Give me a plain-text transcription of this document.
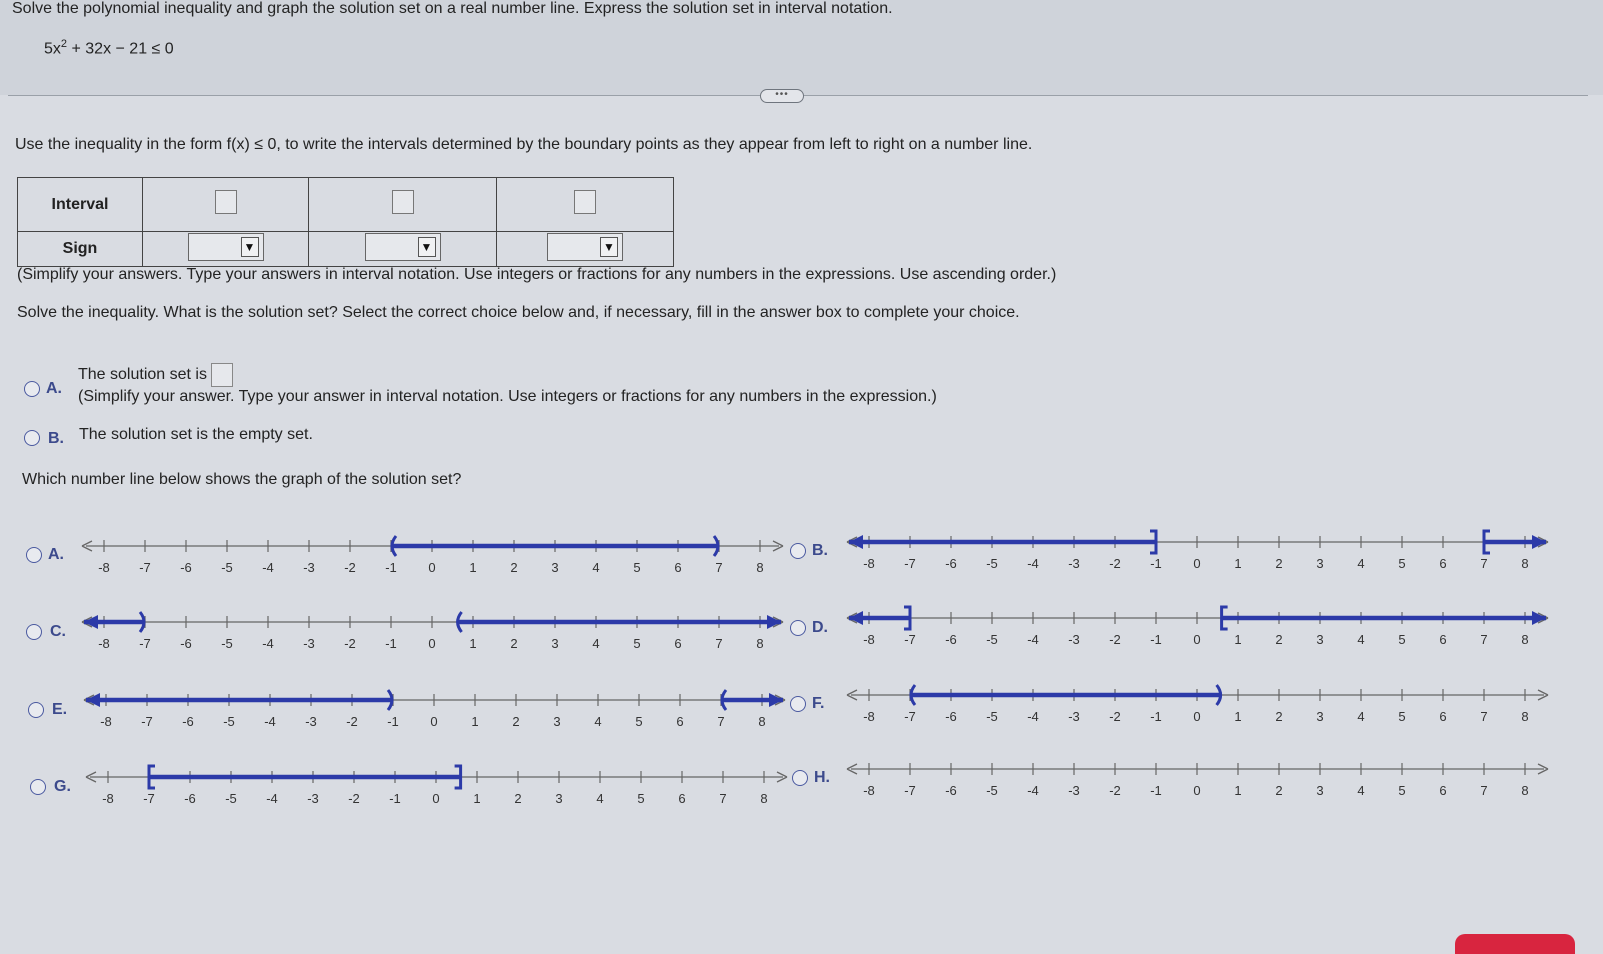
Solve the polynomial inequality and graph the solution set on a real number line. Express the solution set in interval notation.
$5x^2 + 32x - 21 \le 0$
•••
Use the inequality in the form f(x) ≤ 0, to write the intervals determined by the boundary points as they appear from left to right on a number line.
Interval			
Sign	▼	▼	▼
(Simplify your answers. Type your answers in interval notation. Use integers or fractions for any numbers in the expressions. Use ascending order.)
Solve the inequality. What is the solution set? Select the correct choice below and, if necessary, fill in the answer box to complete your choice.
A.
The solution set is
(Simplify your answer. Type your answer in interval notation. Use integers or fractions for any numbers in the expression.)
B. The solution set is the empty set.
Which number line below shows the graph of the solution set?
A.
-8 -7 -6 -5 -4 -3 -2 -1 0	1	2	3	4	5	6	7	8
B.
-8 -7 -6 -5 -4 -3 -2 -1 0	1	2	3	4	5	6	7	8
C.
-8 -7 -6 -5 -4 -3 -2 -1 0	1	2	3	4	5	6	7	8
D.
-8 -7 -6 -5 -4 -3 -2 -1 0	1	2	3	4	5	6	7	8
E.
-8 -7 -6 -5 -4 -3 -2 -1 0	1	2	3	4	5	6	7	8
F.
-8 -7 -6 -5 -4 -3 -2 -1 0	1	2	3	4	5	6	7	8
G.
-8 -7 -6 -5 -4 -3 -2 -1 0	1	2	3	4	5	6	7	8
H.
-8 -7 -6 -5 -4 -3 -2 -1 0	1	2	3	4	5	6	7	8
